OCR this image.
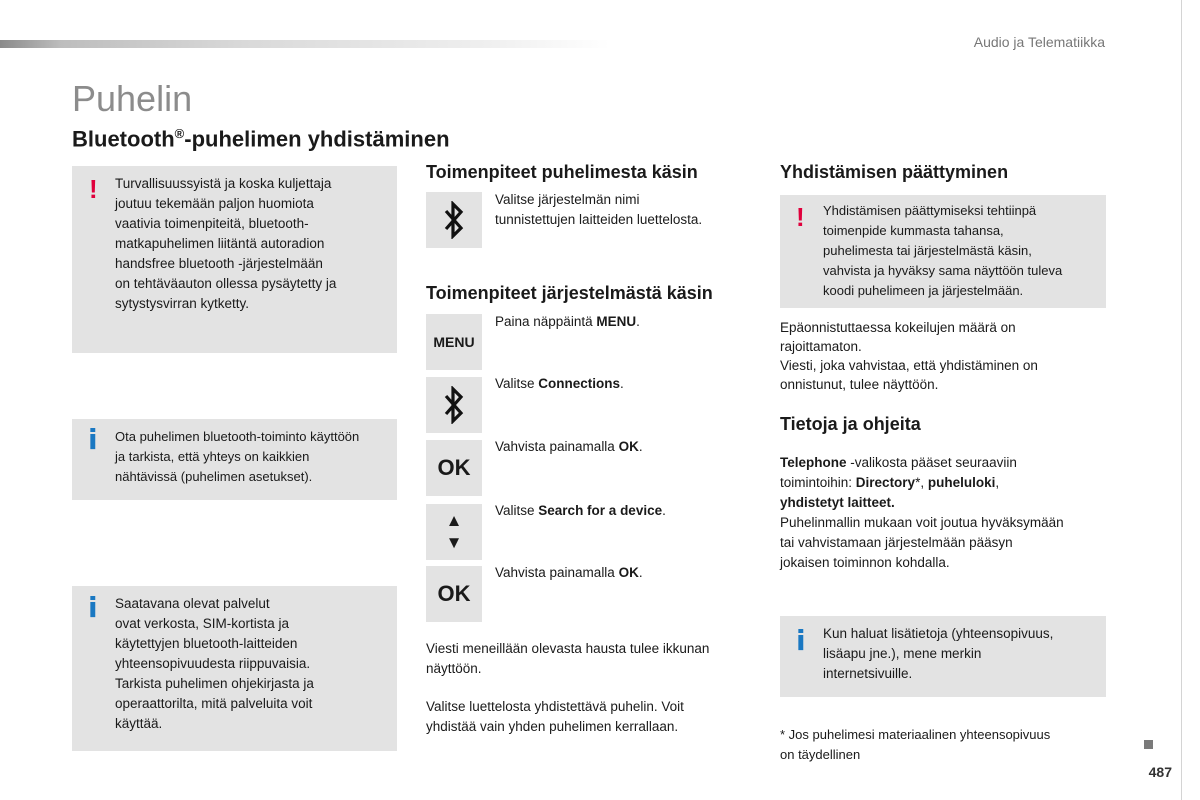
Audio ja Telematiikka
Puhelin
Bluetooth®-puhelimen yhdistäminen
! Turvallisuussyistä ja koska kuljettaja
joutuu tekemään paljon huomiota
vaativia toimenpiteitä, bluetooth-
matkapuhelimen liitäntä autoradion
handsfree bluetooth -järjestelmään
on tehtäväauton ollessa pysäytetty ja
sytystysvirran kytketty.
i Ota puhelimen bluetooth-toiminto käyttöön
ja tarkista, että yhteys on kaikkien
nähtävissä (puhelimen asetukset).
i Saatavana olevat palvelut
ovat verkosta, SIM-kortista ja
käytettyjen bluetooth-laitteiden
yhteensopivuudesta riippuvaisia.
Tarkista puhelimen ohjekirjasta ja
operaattorilta, mitä palveluita voit
käyttää.
Toimenpiteet puhelimesta käsin
Valitse järjestelmän nimi
tunnistettujen laitteiden luettelosta.
Toimenpiteet järjestelmästä käsin
MENU
Paina näppäintä MENU.
Valitse Connections.
OK
Vahvista painamalla OK.
▲
▼
Valitse Search for a device.
OK
Vahvista painamalla OK.
Viesti meneillään olevasta hausta tulee ikkunan
näyttöön.
Valitse luettelosta yhdistettävä puhelin. Voit
yhdistää vain yhden puhelimen kerrallaan.
Yhdistämisen päättyminen
! Yhdistämisen päättymiseksi tehtiinpä
toimenpide kummasta tahansa,
puhelimesta tai järjestelmästä käsin,
vahvista ja hyväksy sama näyttöön tuleva
koodi puhelimeen ja järjestelmään.
Epäonnistuttaessa kokeilujen määrä on
rajoittamaton.
Viesti, joka vahvistaa, että yhdistäminen on
onnistunut, tulee näyttöön.
Tietoja ja ohjeita
Telephone -valikosta pääset seuraaviin
toimintoihin: Directory*, puheluloki,
yhdistetyt laitteet.
Puhelinmallin mukaan voit joutua hyväksymään
tai vahvistamaan järjestelmään pääsyn
jokaisen toiminnon kohdalla.
i Kun haluat lisätietoja (yhteensopivuus,
lisäapu jne.), mene merkin
internetsivuille.
* Jos puhelimesi materiaalinen yhteensopivuus
on täydellinen
487
